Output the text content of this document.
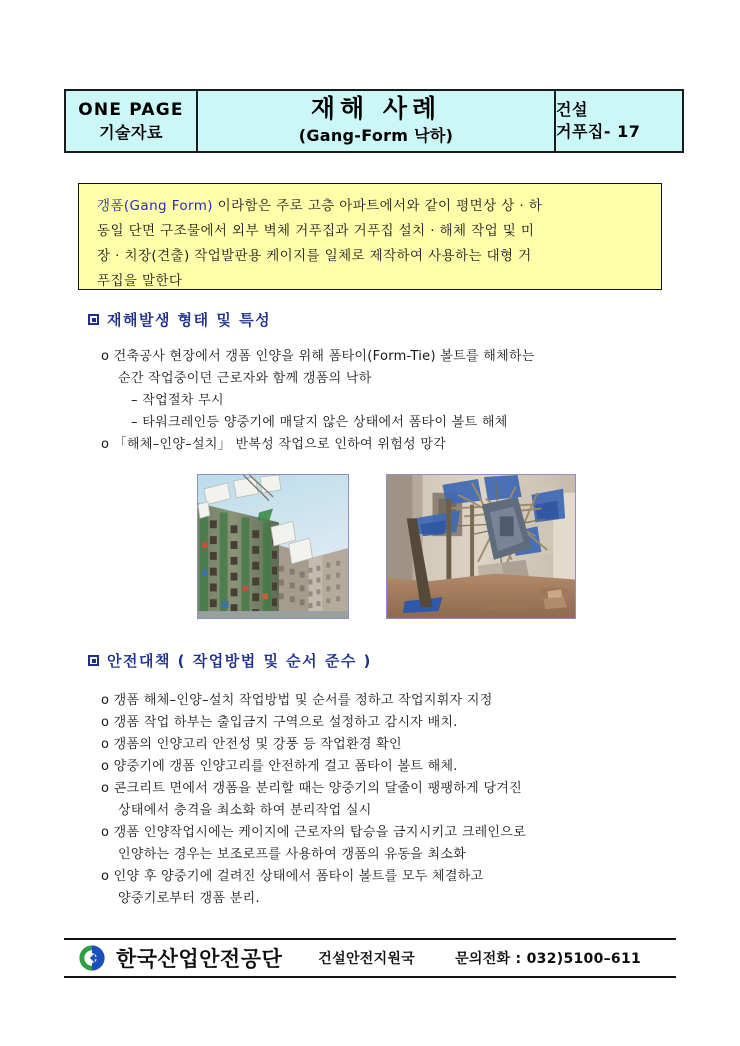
ONE PAGE
기술자료

재해 사례
(Gang-Form 낙하)

건설
거푸집- 17
갱폼(Gang Form) 이라함은 주로 고층 아파트에서와 같이 평면상 상 · 하
동일 단면 구조물에서 외부 벽체 거푸집과 거푸집 설치 · 해체 작업 및 미
장 · 치장(견출) 작업발판용 케이지를 일체로 제작하여 사용하는 대형 거
푸집을 말한다
재해발생 형태 및 특성
o 건축공사 현장에서 갱폼 인양을 위해 폼타이(Form-Tie) 볼트를 해체하는
순간 작업중이던 근로자와 함께 갱폼의 낙하
– 작업절차 무시
– 타워크레인등 양중기에 매달지 않은 상태에서 폼타이 볼트 해체
o 「해체–인양–설치」 반복성 작업으로 인하여 위험성 망각
안전대책 ( 작업방법 및 순서 준수 )
o 갱폼 해체–인양–설치 작업방법 및 순서를 정하고 작업지휘자 지정
o 갱폼 작업 하부는 출입금지 구역으로 설정하고 감시자 배치.
o 갱폼의 인양고리 안전성 및 강풍 등 작업환경 확인
o 양중기에 갱폼 인양고리를 안전하게 걸고 폼타이 볼트 해체.
o 콘크리트 면에서 갱폼을 분리할 때는 양중기의 달줄이 팽팽하게 당겨진
상태에서 충격을 최소화 하여 분리작업 실시
o 갱폼 인양작업시에는 케이지에 근로자의 탑승을 금지시키고 크레인으로
인양하는 경우는 보조로프를 사용하여 갱폼의 유동을 최소화
o 인양 후 양중기에 걸려진 상태에서 폼타이 볼트를 모두 체결하고
양중기로부터 갱폼 분리.
한국산업안전공단	건설안전지원국	문의전화 : 032)5100–611
